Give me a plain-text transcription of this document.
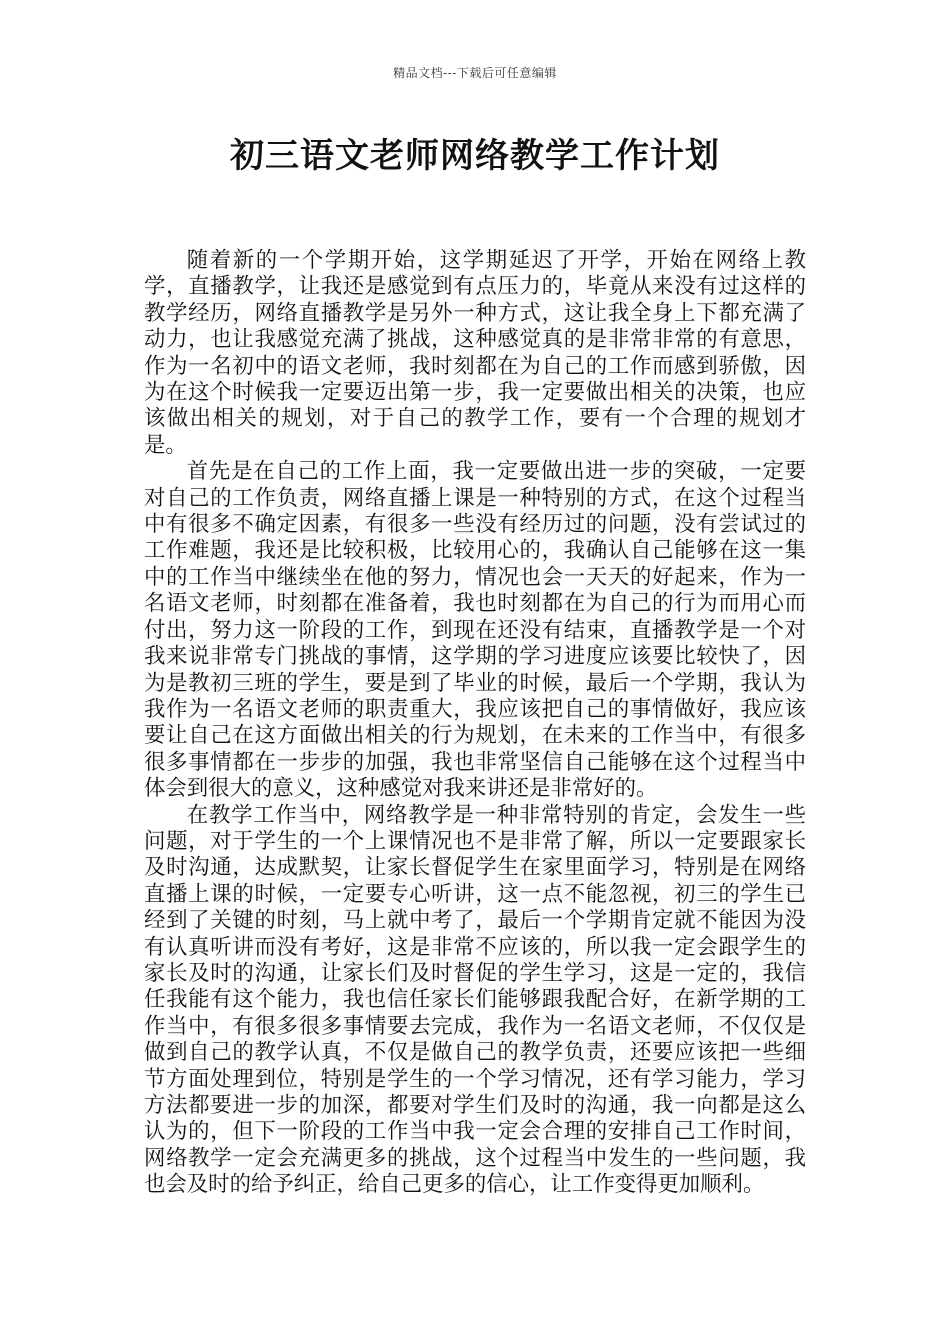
精品文档---下载后可任意编辑
初三语文老师网络教学工作计划

随着新的一个学期开始，这学期延迟了开学，开始在网络上教学，直播教学，让我还是感觉到有点压力的，毕竟从来没有过这样的教学经历，网络直播教学是另外一种方式，这让我全身上下都充满了动力，也让我感觉充满了挑战，这种感觉真的是非常非常的有意思，作为一名初中的语文老师，我时刻都在为自己的工作而感到骄傲，因为在这个时候我一定要迈出第一步，我一定要做出相关的决策，也应该做出相关的规划，对于自己的教学工作，要有一个合理的规划才是。

首先是在自己的工作上面，我一定要做出进一步的突破，一定要对自己的工作负责，网络直播上课是一种特别的方式，在这个过程当中有很多不确定因素，有很多一些没有经历过的问题，没有尝试过的工作难题，我还是比较积极，比较用心的，我确认自己能够在这一集中的工作当中继续坐在他的努力，情况也会一天天的好起来，作为一名语文老师，时刻都在准备着，我也时刻都在为自己的行为而用心而付出，努力这一阶段的工作，到现在还没有结束，直播教学是一个对我来说非常专门挑战的事情，这学期的学习进度应该要比较快了，因为是教初三班的学生，要是到了毕业的时候，最后一个学期，我认为我作为一名语文老师的职责重大，我应该把自己的事情做好，我应该要让自己在这方面做出相关的行为规划，在未来的工作当中，有很多很多事情都在一步步的加强，我也非常坚信自己能够在这个过程当中体会到很大的意义，这种感觉对我来讲还是非常好的。

在教学工作当中，网络教学是一种非常特别的肯定，会发生一些问题，对于学生的一个上课情况也不是非常了解，所以一定要跟家长及时沟通，达成默契，让家长督促学生在家里面学习，特别是在网络直播上课的时候，一定要专心听讲，这一点不能忽视，初三的学生已经到了关键的时刻，马上就中考了，最后一个学期肯定就不能因为没有认真听讲而没有考好，这是非常不应该的，所以我一定会跟学生的家长及时的沟通，让家长们及时督促的学生学习，这是一定的，我信任我能有这个能力，我也信任家长们能够跟我配合好，在新学期的工作当中，有很多很多事情要去完成，我作为一名语文老师，不仅仅是做到自己的教学认真，不仅是做自己的教学负责，还要应该把一些细节方面处理到位，特别是学生的一个学习情况，还有学习能力，学习方法都要进一步的加深，都要对学生们及时的沟通，我一向都是这么认为的，但下一阶段的工作当中我一定会合理的安排自己工作时间，网络教学一定会充满更多的挑战，这个过程当中发生的一些问题，我也会及时的给予纠正，给自己更多的信心，让工作变得更加顺利。
